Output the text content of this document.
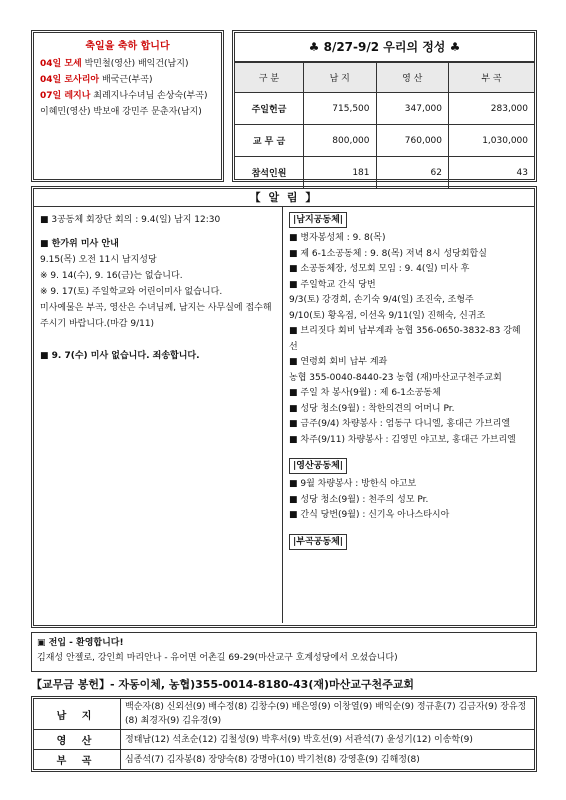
축일을 축하 합니다
04일 모세 박민철(영산) 배익건(남지)
04일 로사리아 배국근(부곡)
07일 레지나 최례지나수녀님 손상숙(부곡) 이혜민(영산) 박보애 강민주 문춘자(남지)
♣ 8/27-9/2 우리의 정성 ♣
구 분	남 지	영 산	부 곡
주일헌금	715,500	347,000	283,000
교 무 금	800,000	760,000	1,030,000
참석인원	181	62	43
【 알 림 】
■ 3공동체 회장단 회의 : 9.4(일) 남지 12:30
■ 한가위 미사 안내
9.15(목) 오전 11시 남지성당
※ 9. 14(수), 9. 16(금)는 없습니다.
※ 9. 17(토) 주일학교와 어린이미사 없습니다.
미사예물은 부곡, 영산은 수녀님께, 남지는 사무실에 접수해주시기 바랍니다.(마감 9/11)
■ 9. 7(수) 미사 없습니다. 죄송합니다.
|남지공동체|
■ 병자봉성체 : 9. 8(목)
■ 제 6-1소공동체 : 9. 8(목) 저녁 8시 성당회합실
■ 소공동체장, 성모회 모임 : 9. 4(일) 미사 후
■ 주일학교 간식 당번
9/3(토) 강경희, 손기숙 9/4(일) 조진숙, 조형주
9/10(토) 황옥점, 이선옥 9/11(일) 진해숙, 신귀조
■ 브리짓다 회비 납부계좌 농협 356-0650-3832-83 강혜선
■ 연령회 회비 납부 계좌
농협 355-0040-8440-23 농협 (재)마산교구천주교회
■ 주일 차 봉사(9월) : 제 6-1소공동체
■ 성당 청소(9월) : 착한의견의 어머니 Pr.
■ 금주(9/4) 차량봉사 : 엄동구 다니엘, 홍대근 가브리엘
■ 차주(9/11) 차량봉사 : 김영민 야고보, 홍대근 가브리엘
|영산공동체|
■ 9월 차량봉사 : 방한식 야고보
■ 성당 청소(9월) : 천주의 성모 Pr.
■ 간식 당번(9월) : 신기옥 아나스타시아
|부곡공동체|
▣ 전입 - 환영합니다!
김재성 안젤로, 강인희 마리안나 - 유어면 어촌길 69-29(마산교구 호계성당에서 오셨습니다)
【교무금 봉헌】- 자동이체, 농협)355-0014-8180-43(재)마산교구천주교회
남 지	백순자(8) 신외선(9) 배수정(8) 김창수(9) 배은영(9) 이창열(9) 배익순(9) 정규훈(7) 김금자(9) 장유정(8) 최경자(9) 김유경(9)
영 산	정태남(12) 석초순(12) 김철성(9) 박후서(9) 박호선(9) 서관석(7) 윤성기(12) 이송학(9)
부 곡	심종석(7) 김자봉(8) 장양숙(8) 강명아(10) 박기천(8) 강영훈(9) 김해정(8)
